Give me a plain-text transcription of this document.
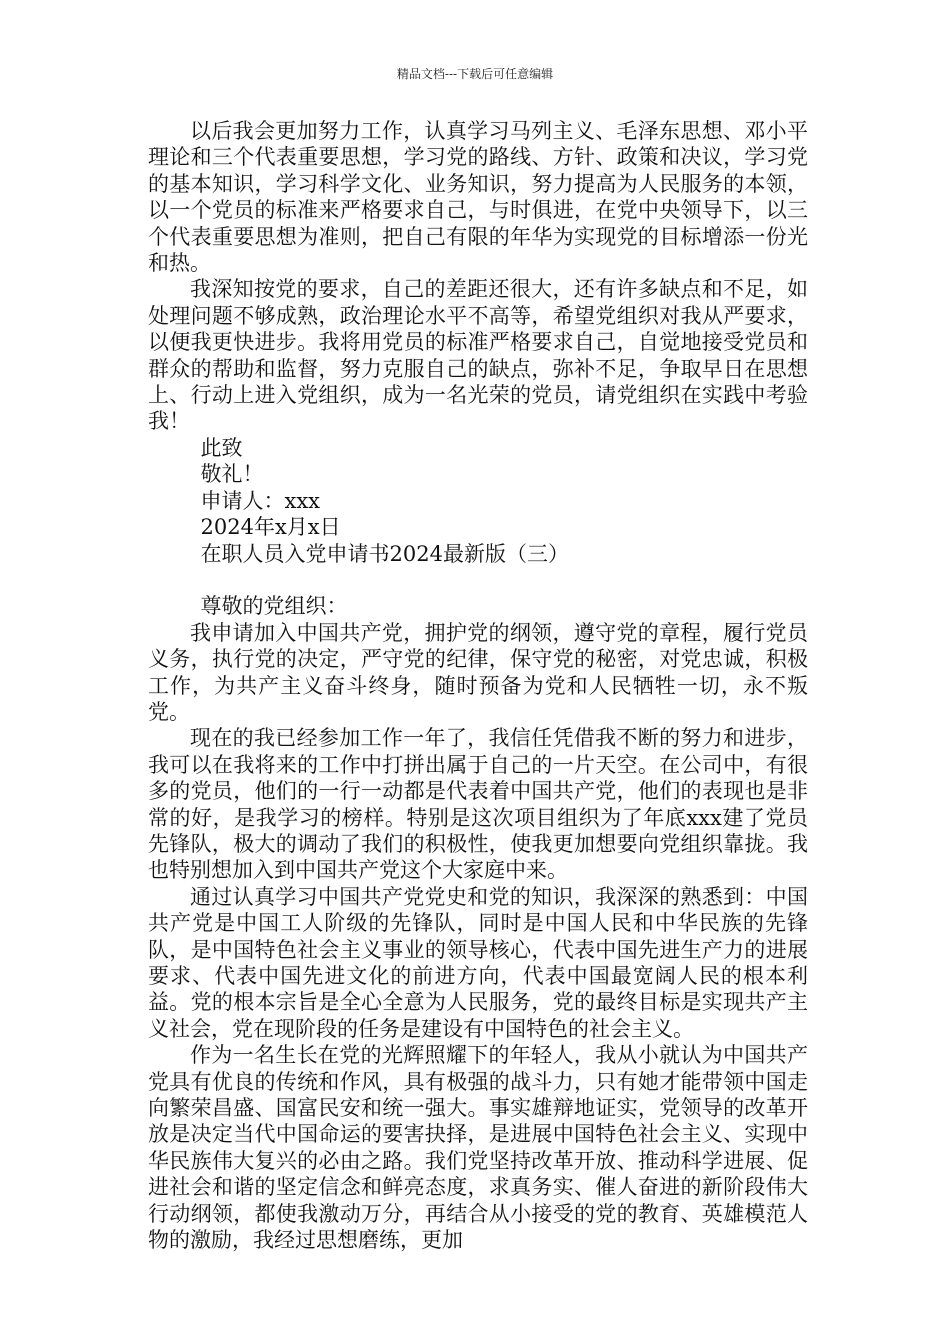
精品文档---下载后可任意编辑

以后我会更加努力工作，认真学习马列主义、毛泽东思想、邓小平理论和三个代表重要思想，学习党的路线、方针、政策和决议，学习党的基本知识，学习科学文化、业务知识，努力提高为人民服务的本领，以一个党员的标准来严格要求自己，与时俱进，在党中央领导下，以三个代表重要思想为准则，把自己有限的年华为实现党的目标增添一份光和热。

我深知按党的要求，自己的差距还很大，还有许多缺点和不足，如处理问题不够成熟，政治理论水平不高等，希望党组织对我从严要求，以便我更快进步。我将用党员的标准严格要求自己，自觉地接受党员和群众的帮助和监督，努力克服自己的缺点，弥补不足，争取早日在思想上、行动上进入党组织，成为一名光荣的党员，请党组织在实践中考验我！

此致

敬礼！

申请人：xxx

2024年x月x日

在职人员入党申请书2024最新版（三）

尊敬的党组织：

我申请加入中国共产党，拥护党的纲领，遵守党的章程，履行党员义务，执行党的决定，严守党的纪律，保守党的秘密，对党忠诚，积极工作，为共产主义奋斗终身，随时预备为党和人民牺牲一切，永不叛党。

现在的我已经参加工作一年了，我信任凭借我不断的努力和进步，我可以在我将来的工作中打拼出属于自己的一片天空。在公司中，有很多的党员，他们的一行一动都是代表着中国共产党，他们的表现也是非常的好，是我学习的榜样。特别是这次项目组织为了年底xxx建了党员先锋队，极大的调动了我们的积极性，使我更加想要向党组织靠拢。我也特别想加入到中国共产党这个大家庭中来。

通过认真学习中国共产党党史和党的知识，我深深的熟悉到：中国共产党是中国工人阶级的先锋队，同时是中国人民和中华民族的先锋队，是中国特色社会主义事业的领导核心，代表中国先进生产力的进展要求、代表中国先进文化的前进方向，代表中国最宽阔人民的根本利益。党的根本宗旨是全心全意为人民服务，党的最终目标是实现共产主义社会，党在现阶段的任务是建设有中国特色的社会主义。

作为一名生长在党的光辉照耀下的年轻人，我从小就认为中国共产党具有优良的传统和作风，具有极强的战斗力，只有她才能带领中国走向繁荣昌盛、国富民安和统一强大。事实雄辩地证实，党领导的改革开放是决定当代中国命运的要害抉择，是进展中国特色社会主义、实现中华民族伟大复兴的必由之路。我们党坚持改革开放、推动科学进展、促进社会和谐的坚定信念和鲜亮态度，求真务实、催人奋进的新阶段伟大行动纲领，都使我激动万分，再结合从小接受的党的教育、英雄模范人物的激励，我经过思想磨练，更加
